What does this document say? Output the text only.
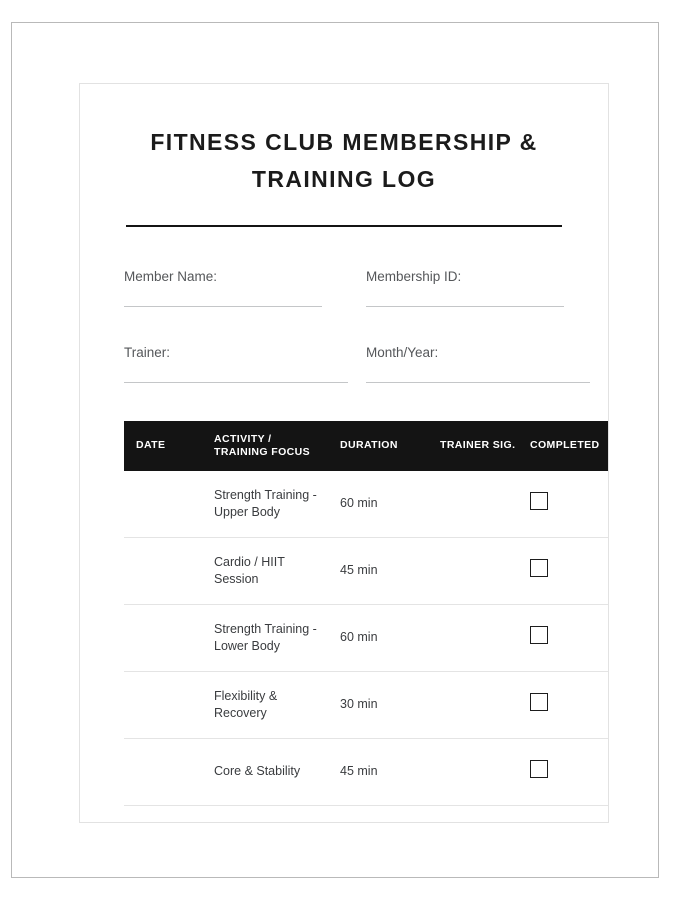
FITNESS CLUB MEMBERSHIP & TRAINING LOG
Member Name:	Membership ID:
Trainer:	Month/Year:
DATE	ACTIVITY / TRAINING FOCUS	DURATION	TRAINER SIG.	COMPLETED
	Strength Training - Upper Body	60 min		
	Cardio / HIIT Session	45 min		
	Strength Training - Lower Body	60 min		
	Flexibility & Recovery	30 min		
	Core & Stability	45 min		
